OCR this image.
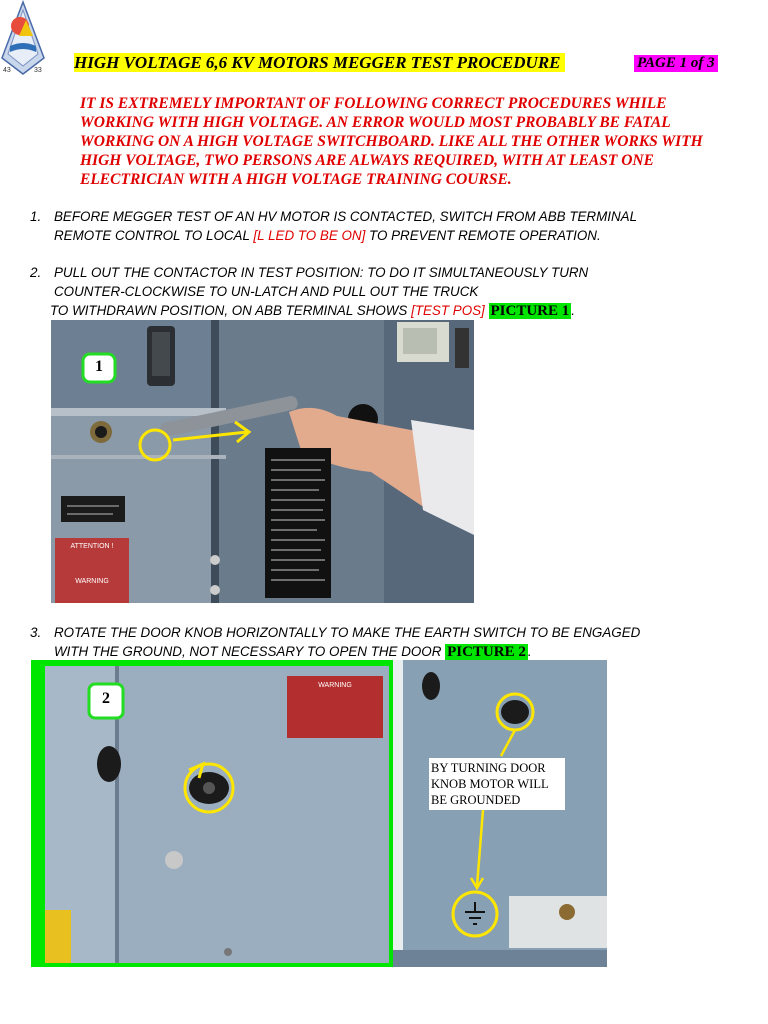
43	33 HIGH VOLTAGE 6,6 KV MOTORS MEGGER TEST PROCEDURE	PAGE 1 of 3
IT IS EXTREMELY IMPORTANT OF FOLLOWING CORRECT PROCEDURES WHILE
WORKING WITH HIGH VOLTAGE. AN ERROR WOULD MOST PROBABLY BE FATAL
WORKING ON A HIGH VOLTAGE SWITCHBOARD. LIKE ALL THE OTHER WORKS WITH
HIGH VOLTAGE, TWO PERSONS ARE ALWAYS REQUIRED, WITH AT LEAST ONE
ELECTRICIAN WITH A HIGH VOLTAGE TRAINING COURSE.
1. BEFORE MEGGER TEST OF AN HV MOTOR IS CONTACTED, SWITCH FROM ABB TERMINAL
REMOTE CONTROL TO LOCAL [L LED TO BE ON] TO PREVENT REMOTE OPERATION.
2. PULL OUT THE CONTACTOR IN TEST POSITION: TO DO IT SIMULTANEOUSLY TURN
COUNTER-CLOCKWISE TO UN-LATCH AND PULL OUT THE TRUCK
TO WITHDRAWN POSITION, ON ABB TERMINAL SHOWS [TEST POS] PICTURE 1 .
1
ATTENTION !
WARNING
3. ROTATE THE DOOR KNOB HORIZONTALLY TO MAKE THE EARTH SWITCH TO BE ENGAGED
WITH THE GROUND, NOT NECESSARY TO OPEN THE DOOR PICTURE 2 .
2
WARNING
BY TURNING DOOR
KNOB MOTOR WILL
BE GROUNDED
